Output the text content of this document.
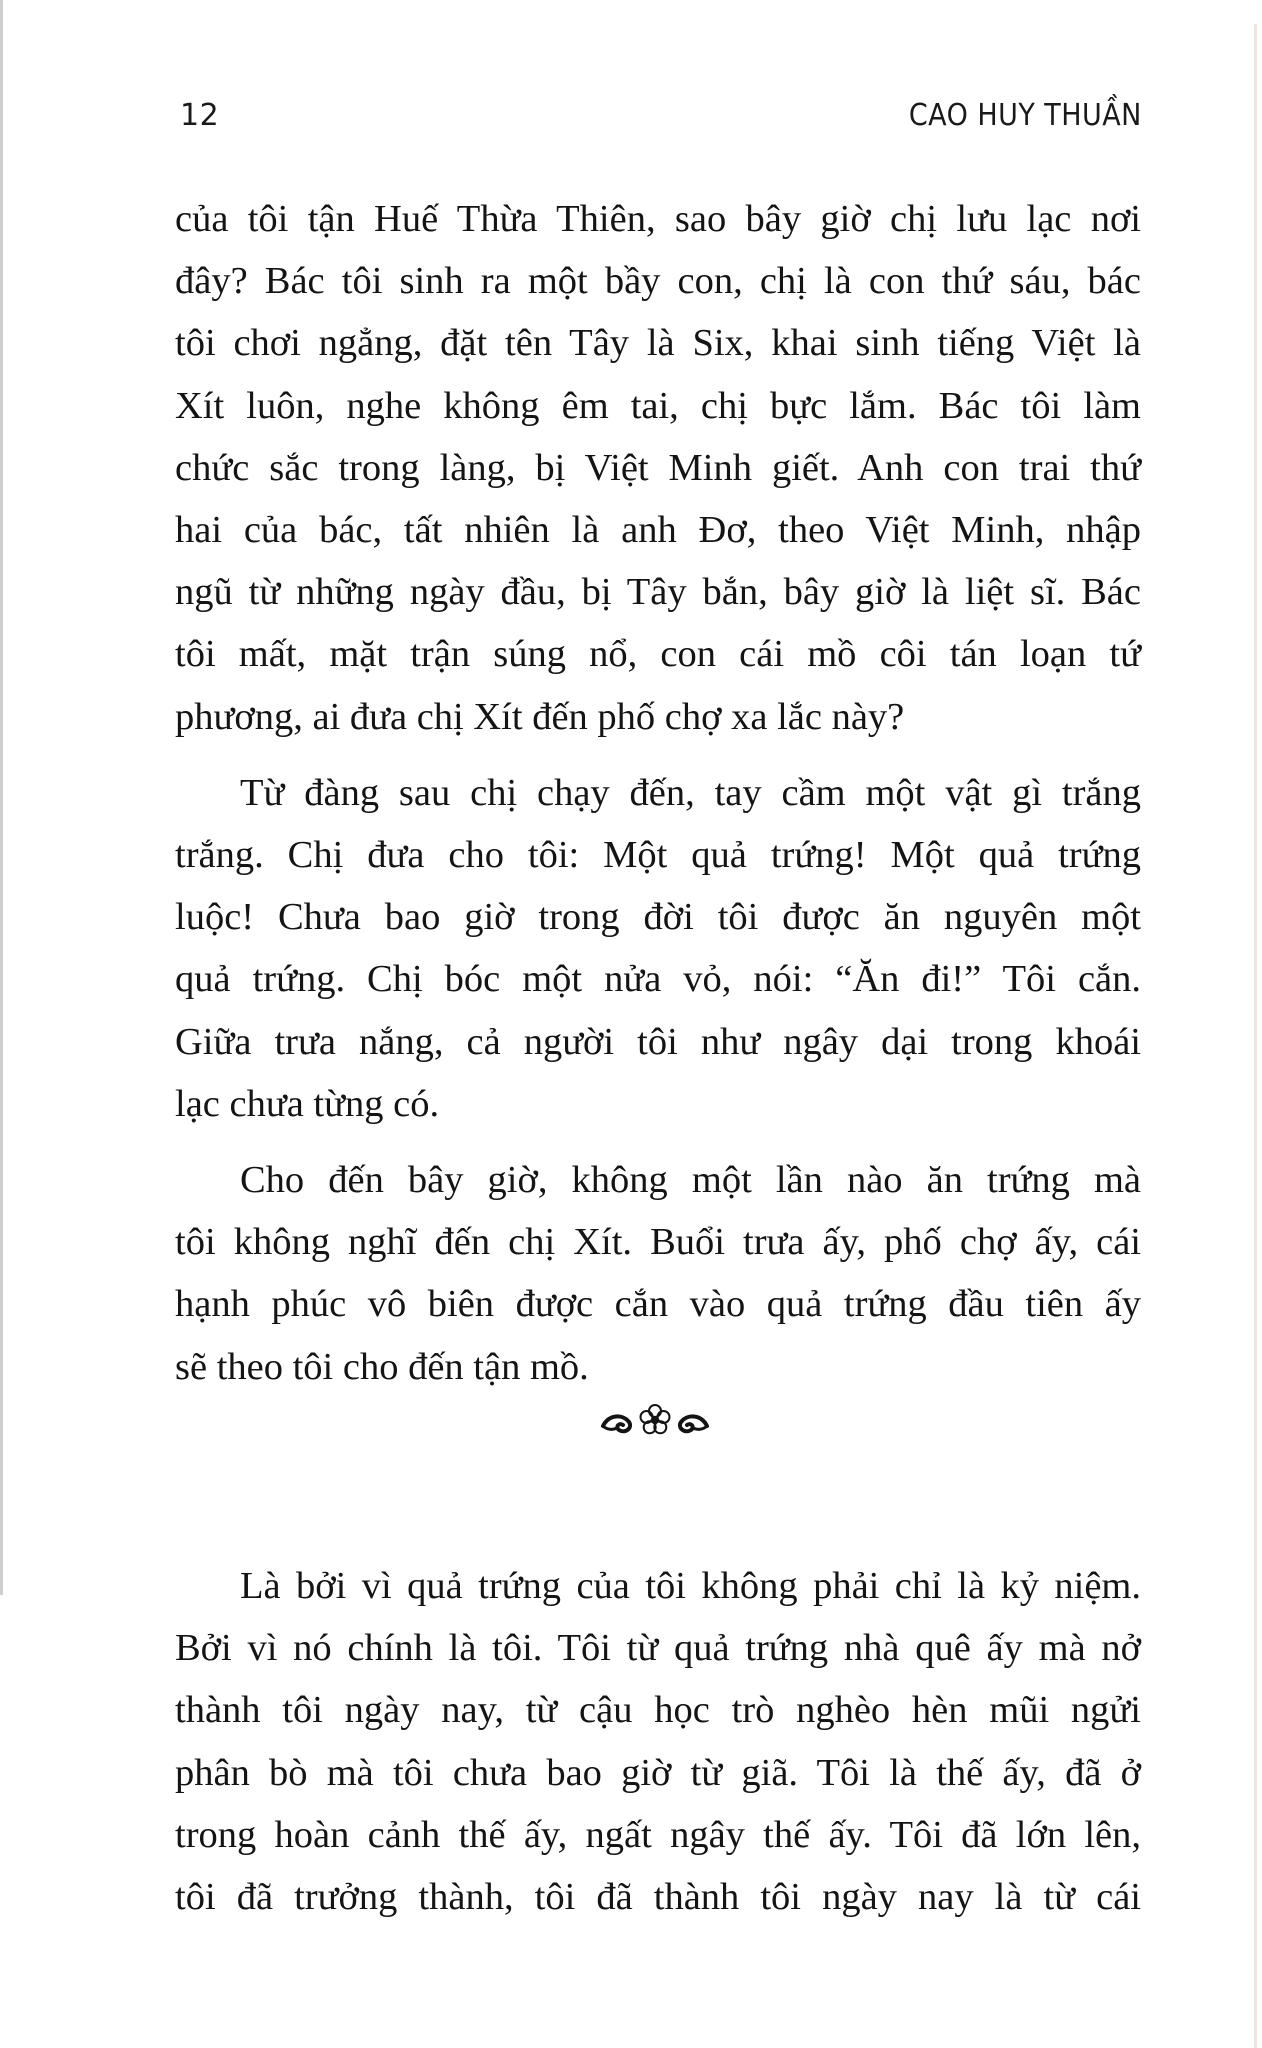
12	CAO HUY THUẦN

của tôi tận Huế Thừa Thiên, sao bây giờ chị lưu lạc nơi
đây? Bác tôi sinh ra một bầy con, chị là con thứ sáu, bác
tôi chơi ngẳng, đặt tên Tây là Six, khai sinh tiếng Việt là
Xít luôn, nghe không êm tai, chị bực lắm. Bác tôi làm
chức sắc trong làng, bị Việt Minh giết. Anh con trai thứ
hai của bác, tất nhiên là anh Đơ, theo Việt Minh, nhập
ngũ từ những ngày đầu, bị Tây bắn, bây giờ là liệt sĩ. Bác
tôi mất, mặt trận súng nổ, con cái mồ côi tán loạn tứ
phương, ai đưa chị Xít đến phố chợ xa lắc này?

Từ đàng sau chị chạy đến, tay cầm một vật gì trắng
trắng. Chị đưa cho tôi: Một quả trứng! Một quả trứng
luộc! Chưa bao giờ trong đời tôi được ăn nguyên một
quả trứng. Chị bóc một nửa vỏ, nói: “Ăn đi!” Tôi cắn.
Giữa trưa nắng, cả người tôi như ngây dại trong khoái
lạc chưa từng có.

Cho đến bây giờ, không một lần nào ăn trứng mà
tôi không nghĩ đến chị Xít. Buổi trưa ấy, phố chợ ấy, cái
hạnh phúc vô biên được cắn vào quả trứng đầu tiên ấy
sẽ theo tôi cho đến tận mồ.

Là bởi vì quả trứng của tôi không phải chỉ là kỷ niệm.
Bởi vì nó chính là tôi. Tôi từ quả trứng nhà quê ấy mà nở
thành tôi ngày nay, từ cậu học trò nghèo hèn mũi ngửi
phân bò mà tôi chưa bao giờ từ giã. Tôi là thế ấy, đã ở
trong hoàn cảnh thế ấy, ngất ngây thế ấy. Tôi đã lớn lên,
tôi đã trưởng thành, tôi đã thành tôi ngày nay là từ cái
